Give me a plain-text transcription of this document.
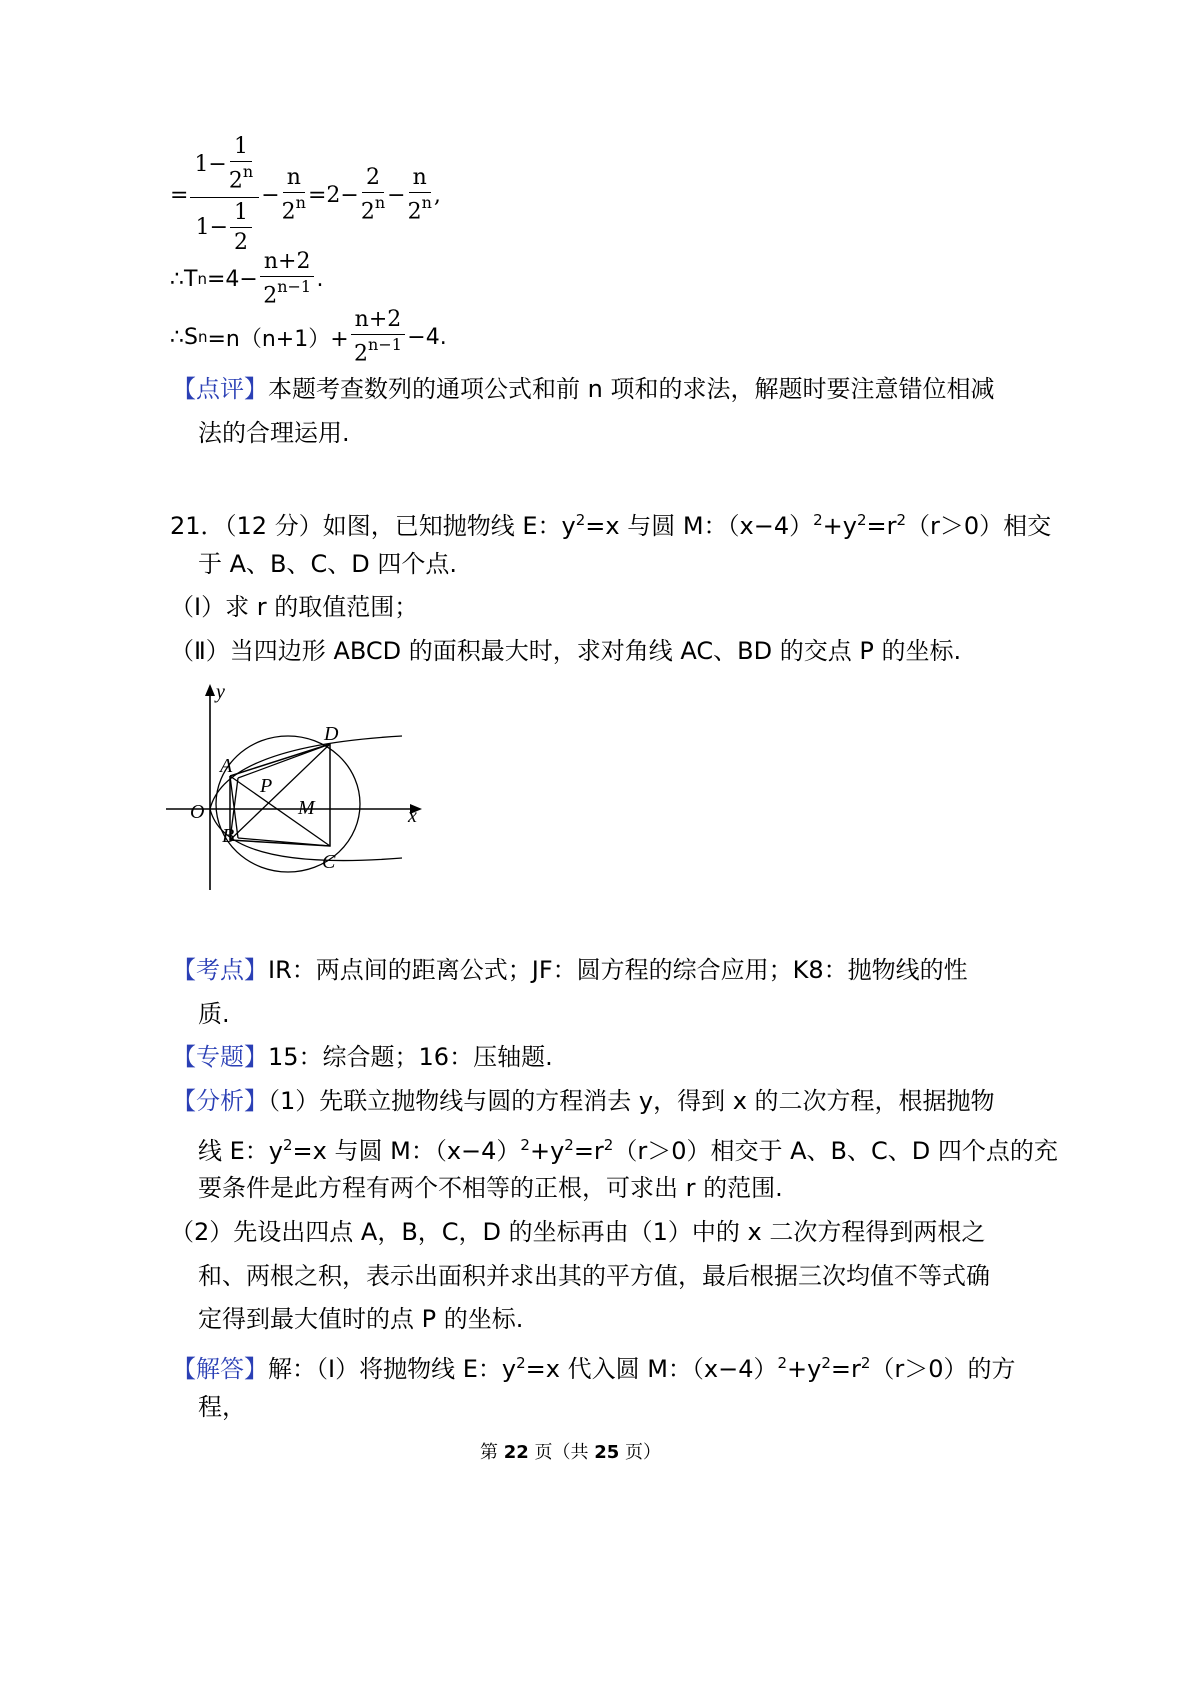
= $\frac{1- \frac{1}{2^n}}{1- \frac{1}{2}} - \frac{n}{2^n} =2- \frac{2}{2^n} - \frac{n}{2^n}$ ,
∴ T $n =4- \frac{n+2}{2^{n-1}}$ .
∴ S $n =n(n+1)+ \frac{n+2}{2^{n-1}} -4$.
【点评】本题考查数列的通项公式和前 n 项和的求法，解题时要注意错位相减
法的合理运用.
21．（12 分）如图，已知抛物线 E：$y^2=x$ 与圆 M：$(x-4)^2+y^2=r^2(r>0)$相交
于 A、B、C、D 四个点.
（Ⅰ）求 r 的取值范围；
（Ⅱ）当四边形 ABCD 的面积最大时，求对角线 AC、BD 的交点 P 的坐标.
y
x
O
A
B
C
D
P
M
【考点】IR：两点间的距离公式；JF：圆方程的综合应用；K8：抛物线的性
质.
【专题】15：综合题；16：压轴题.
【分析】（1）先联立抛物线与圆的方程消去 y，得到 x 的二次方程，根据抛物
线 E：$y^2=x$ 与圆 M：$(x-4)^2+y^2=r^2(r>0)$相交于 A、B、C、D 四个点的充
要条件是此方程有两个不相等的正根，可求出 r 的范围.
（2）先设出四点 A，B，C，D 的坐标再由（1）中的 x 二次方程得到两根之
和、两根之积，表示出面积并求出其的平方值，最后根据三次均值不等式确
定得到最大值时的点 P 的坐标.
【解答】解：（Ⅰ）将抛物线 E：$y^2=x$ 代入圆 M：$(x-4)^2+y^2=r^2(r>0)$的方
程，
第 22 页（共 25 页）
